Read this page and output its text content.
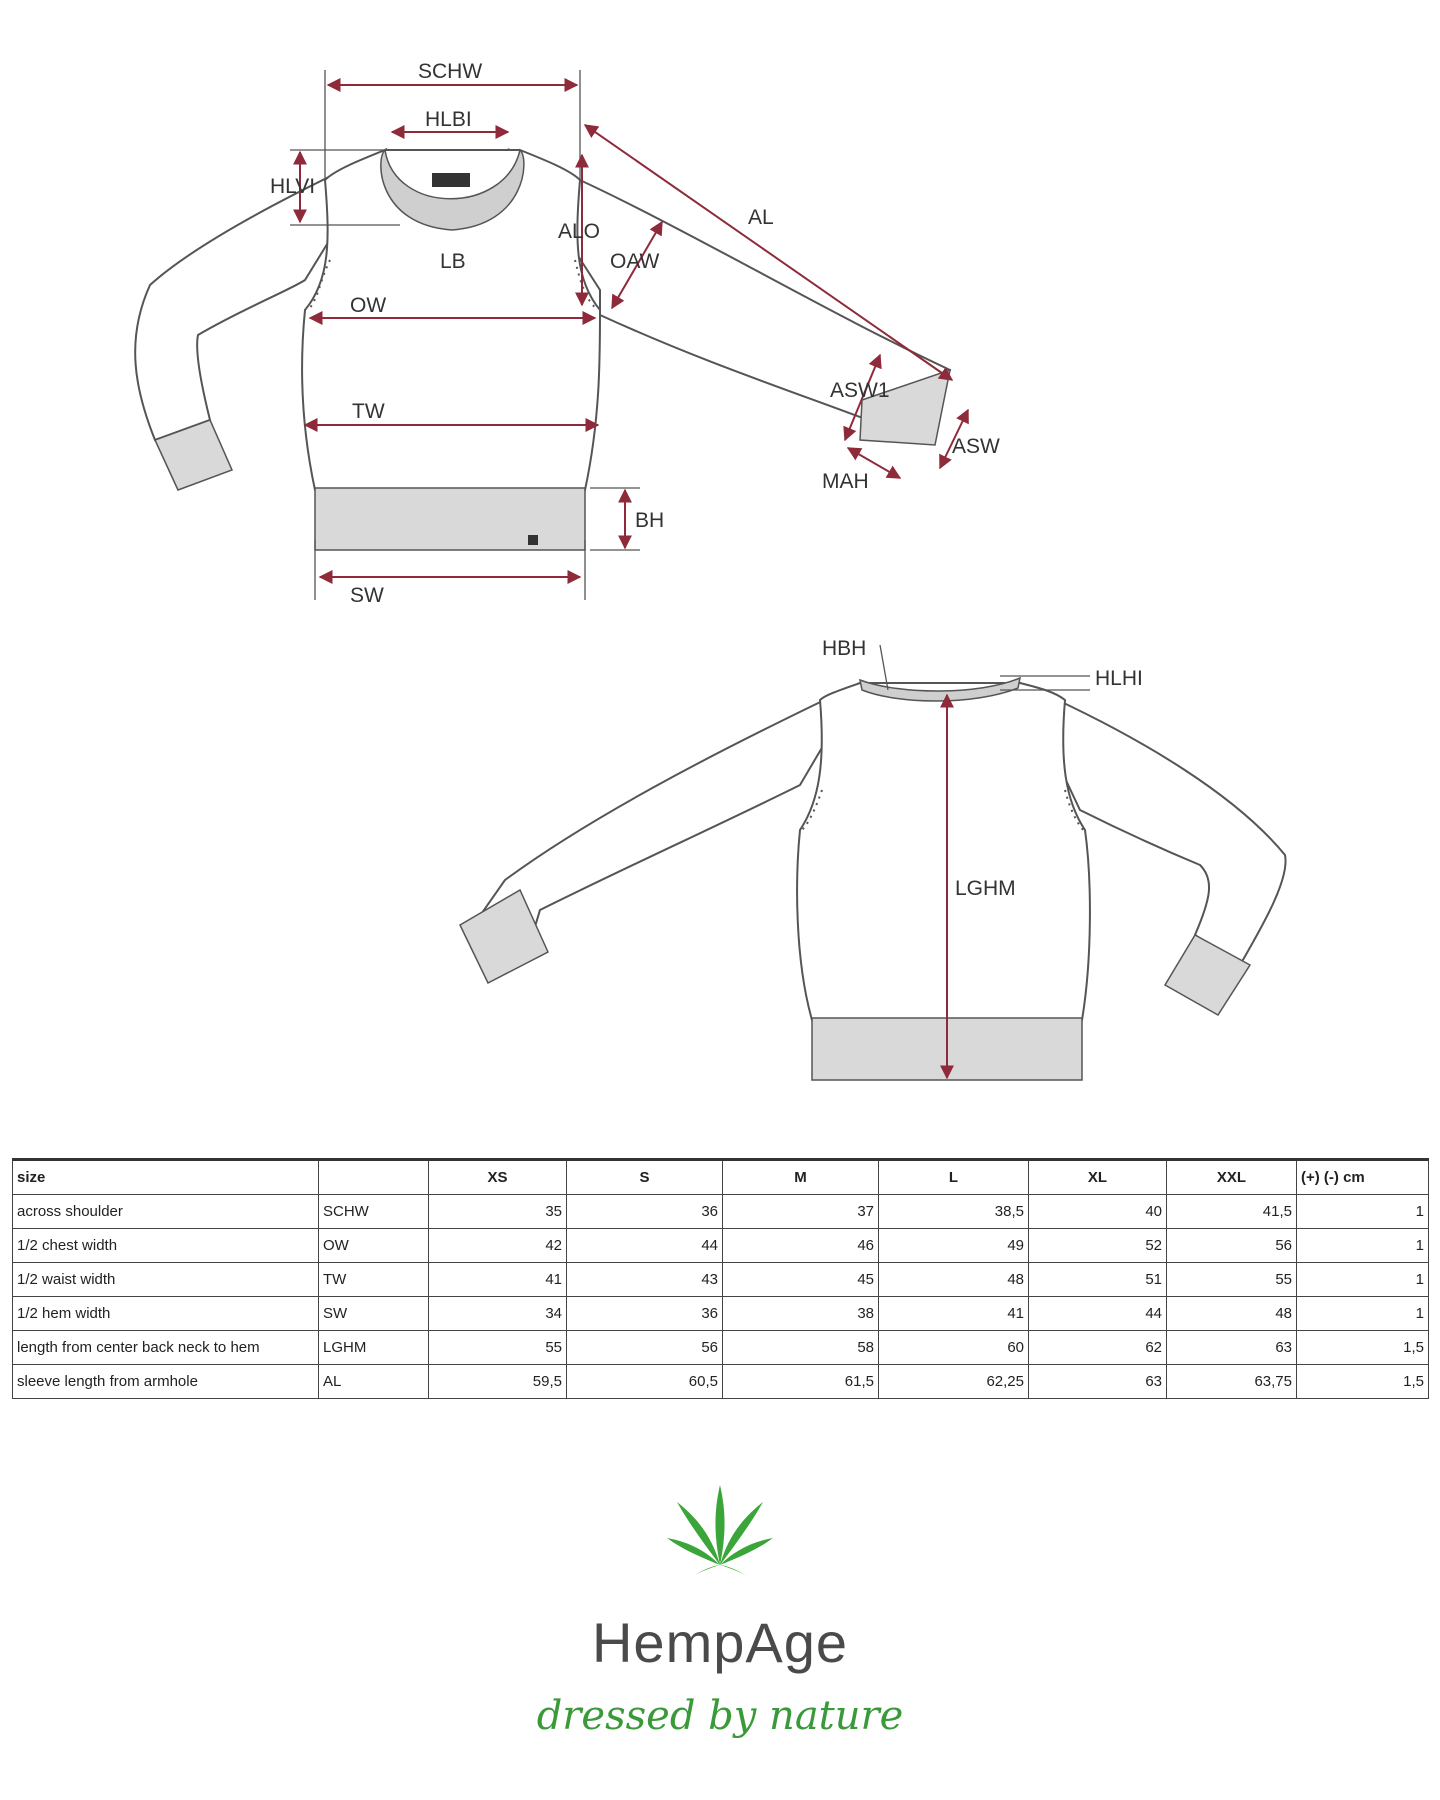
SCHW
HLBI
HLVI
ALO
AL
OAW
LB
OW
TW
BH
SW
ASW1
ASW
MAH
HBH
HLHI
LGHM
size		XS	S	M	L	XL	XXL	(+) (-) cm
across shoulder	SCHW	35	36	37	38,5	40	41,5	1
1/2 chest width	OW	42	44	46	49	52	56	1
1/2 waist width	TW	41	43	45	48	51	55	1
1/2 hem width	SW	34	36	38	41	44	48	1
length from center back neck to hem	LGHM	55	56	58	60	62	63	1,5
sleeve length from armhole	AL	59,5	60,5	61,5	62,25	63	63,75	1,5
HempAge
dressed by nature
